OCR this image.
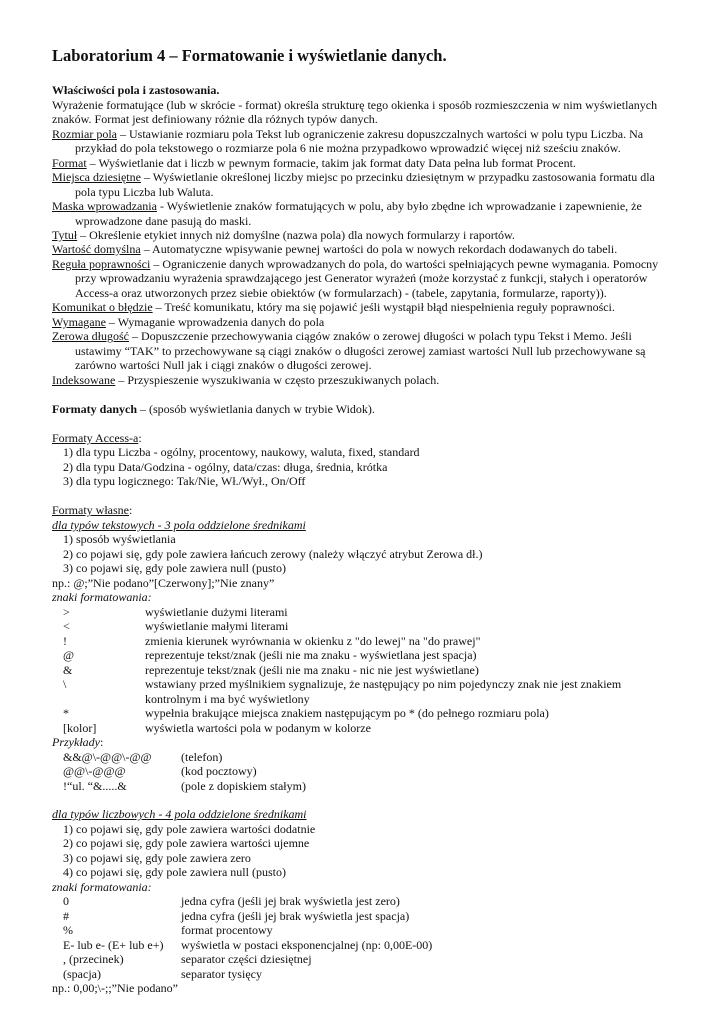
Laboratorium 4 – Formatowanie i wyświetlanie danych.
Właściwości pola i zastosowania.
Wyrażenie formatujące (lub w skrócie - format) określa strukturę tego okienka i sposób rozmieszczenia w nim wyświetlanych
znaków. Format jest definiowany różnie dla różnych typów danych.
Rozmiar pola – Ustawianie rozmiaru pola Tekst lub ograniczenie zakresu dopuszczalnych wartości w polu typu Liczba. Na
przykład do pola tekstowego o rozmiarze pola 6 nie można przypadkowo wprowadzić więcej niż sześciu znaków.
Format – Wyświetlanie dat i liczb w pewnym formacie, takim jak format daty Data pełna lub format Procent.
Miejsca dziesiętne – Wyświetlanie określonej liczby miejsc po przecinku dziesiętnym w przypadku zastosowania formatu dla
pola typu Liczba lub Waluta.
Maska wprowadzania - Wyświetlenie znaków formatujących w polu, aby było zbędne ich wprowadzanie i zapewnienie, że
wprowadzone dane pasują do maski.
Tytuł – Określenie etykiet innych niż domyślne (nazwa pola) dla nowych formularzy i raportów.
Wartość domyślna – Automatyczne wpisywanie pewnej wartości do pola w nowych rekordach dodawanych do tabeli.
Reguła poprawności – Ograniczenie danych wprowadzanych do pola, do wartości spełniających pewne wymagania. Pomocny
przy wprowadzaniu wyrażenia sprawdzającego jest Generator wyrażeń (może korzystać z funkcji, stałych i operatorów
Access-a oraz utworzonych przez siebie obiektów (w formularzach) - (tabele, zapytania, formularze, raporty)).
Komunikat o błędzie – Treść komunikatu, który ma się pojawić jeśli wystąpił błąd niespełnienia reguły poprawności.
Wymagane – Wymaganie wprowadzenia danych do pola
Zerowa długość – Dopuszczenie przechowywania ciągów znaków o zerowej długości w polach typu Tekst i Memo. Jeśli
ustawimy “TAK” to przechowywane są ciągi znaków o długości zerowej zamiast wartości Null lub przechowywane są
zarówno wartości Null jak i ciągi znaków o długości zerowej.
Indeksowane – Przyspieszenie wyszukiwania w często przeszukiwanych polach.
Formaty danych – (sposób wyświetlania danych w trybie Widok).
Formaty Access-a:
1) dla typu Liczba - ogólny, procentowy, naukowy, waluta, fixed, standard
2) dla typu Data/Godzina - ogólny, data/czas: długa, średnia, krótka
3) dla typu logicznego: Tak/Nie, Wł./Wył., On/Off
Formaty własne:
dla typów tekstowych - 3 pola oddzielone średnikami
1) sposób wyświetlania
2) co pojawi się, gdy pole zawiera łańcuch zerowy (należy włączyć atrybut Zerowa dł.)
3) co pojawi się, gdy pole zawiera null (pusto)
np.: @;”Nie podano”[Czerwony];”Nie znany”
znaki formatowania:
>	wyświetlanie dużymi literami
<	wyświetlanie małymi literami
!	zmienia kierunek wyrównania w okienku z "do lewej" na "do prawej"
@	reprezentuje tekst/znak (jeśli nie ma znaku - wyświetlana jest spacja)
&	reprezentuje tekst/znak (jeśli nie ma znaku - nic nie jest wyświetlane)
\	wstawiany przed myślnikiem sygnalizuje, że następujący po nim pojedynczy znak nie jest znakiem
kontrolnym i ma być wyświetlony
*	wypełnia brakujące miejsca znakiem następującym po * (do pełnego rozmiaru pola)
[kolor]	wyświetla wartości pola w podanym w kolorze
Przykłady:
&&@\-@@\-@@ (telefon)
@@\-@@@	(kod pocztowy)
!“ul. “&.....&	(pole z dopiskiem stałym)
dla typów liczbowych - 4 pola oddzielone średnikami
1) co pojawi się, gdy pole zawiera wartości dodatnie
2) co pojawi się, gdy pole zawiera wartości ujemne
3) co pojawi się, gdy pole zawiera zero
4) co pojawi się, gdy pole zawiera null (pusto)
znaki formatowania:
0	jedna cyfra (jeśli jej brak wyświetla jest zero)
#	jedna cyfra (jeśli jej brak wyświetla jest spacja)
%	format procentowy
E- lub e- (E+ lub e+) wyświetla w postaci eksponencjalnej (np: 0,00E-00)
, (przecinek)	separator części dziesiętnej
(spacja)	separator tysięcy
np.: 0,00;\-;;”Nie podano”
